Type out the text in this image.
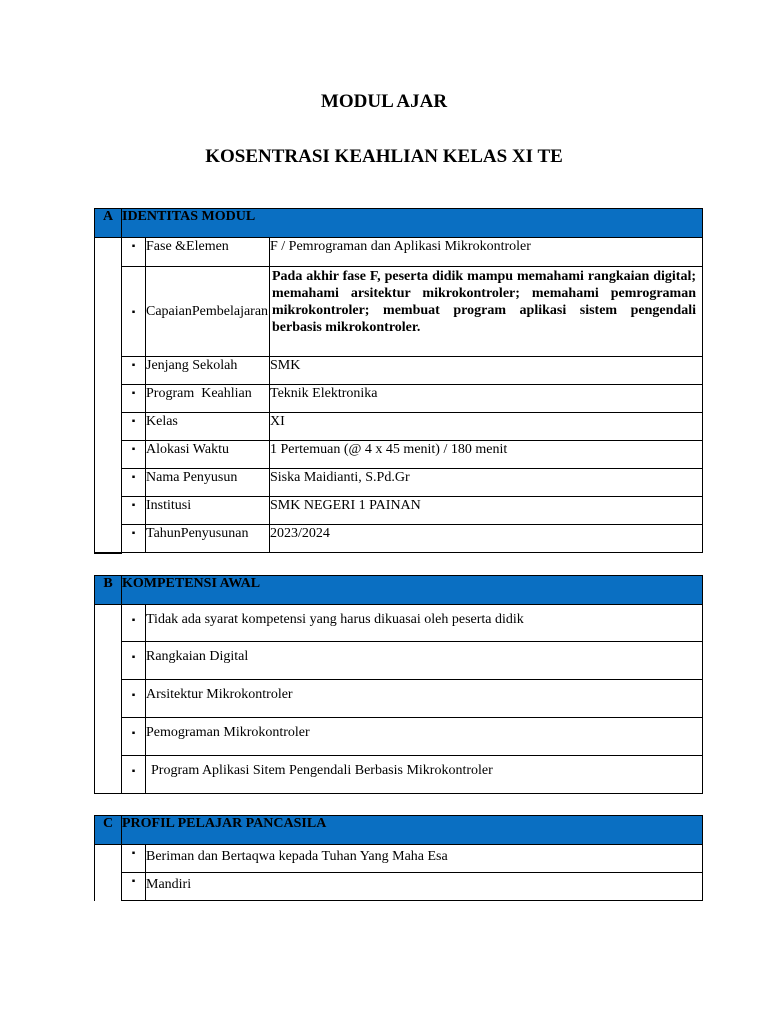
MODUL AJAR
KOSENTRASI KEAHLIAN KELAS XI TE
A	IDENTITAS MODUL		
	▪	Fase &Elemen	F / Pemrograman dan Aplikasi Mikrokontroler
	▪	CapaianPembelajaran	Pada akhir fase F, peserta didik mampu memahami rangkaian digital; memahami arsitektur mikrokontroler; memahami pemrograman mikrokontroler; membuat program aplikasi sistem pengendali berbasis mikrokontroler.
	▪	Jenjang Sekolah	SMK
	▪	Program  Keahlian	Teknik Elektronika
	▪	Kelas	XI
	▪	Alokasi Waktu	1 Pertemuan (@ 4 x 45 menit) / 180 menit
	▪	Nama Penyusun	Siska Maidianti, S.Pd.Gr
	▪	Institusi	SMK NEGERI 1 PAINAN
	▪	TahunPenyusunan	2023/2024

B	KOMPETENSI AWAL	
	▪	Tidak ada syarat kompetensi yang harus dikuasai oleh peserta didik
	▪	Rangkaian Digital
	▪	Arsitektur Mikrokontroler
	▪	Pemograman Mikrokontroler
	▪	Program Aplikasi Sitem Pengendali Berbasis Mikrokontroler
C	PROFIL PELAJAR PANCASILA	
	▪	Beriman dan Bertaqwa kepada Tuhan Yang Maha Esa
	▪	Mandiri
